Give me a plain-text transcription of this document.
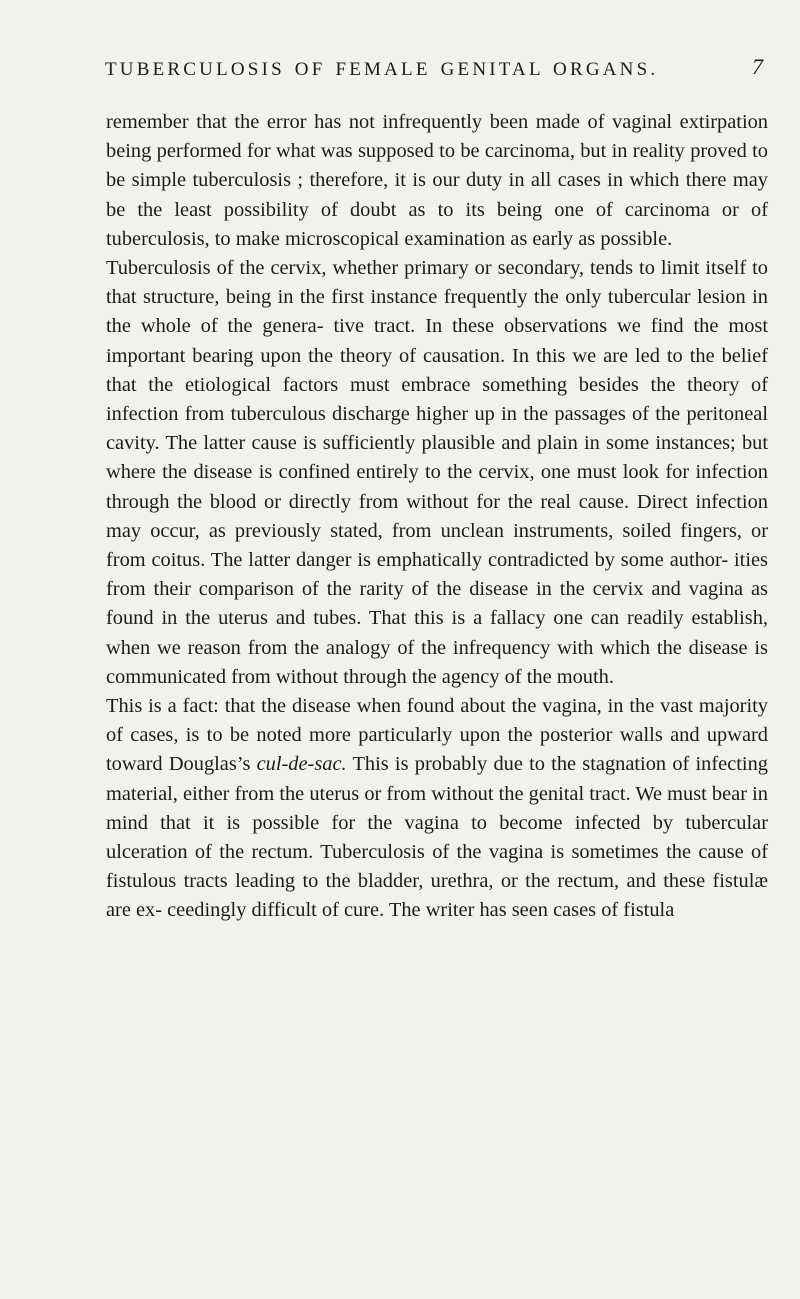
TUBERCULOSIS OF FEMALE GENITAL ORGANS.	7

remember that the error has not infrequently been made of vaginal extirpation being performed for what was supposed to be carcinoma, but in reality proved to be simple tuberculosis ; therefore, it is our duty in all cases in which there may be the least possibility of doubt as to its being one of carcinoma or of tuberculosis, to make microscopical examination as early as possible.

Tuberculosis of the cervix, whether primary or secondary, tends to limit itself to that structure, being in the first instance frequently the only tubercular lesion in the whole of the genera- tive tract. In these observations we find the most important bearing upon the theory of causation. In this we are led to the belief that the etiological factors must embrace something besides the theory of infection from tuberculous discharge higher up in the passages of the peritoneal cavity. The latter cause is sufficiently plausible and plain in some instances; but where the disease is confined entirely to the cervix, one must look for infection through the blood or directly from without for the real cause. Direct infection may occur, as previously stated, from unclean instruments, soiled fingers, or from coitus. The latter danger is emphatically contradicted by some author- ities from their comparison of the rarity of the disease in the cervix and vagina as found in the uterus and tubes. That this is a fallacy one can readily establish, when we reason from the analogy of the infrequency with which the disease is communicated from without through the agency of the mouth.

This is a fact: that the disease when found about the vagina, in the vast majority of cases, is to be noted more particularly upon the posterior walls and upward toward Douglas’s cul-de-sac. This is probably due to the stagnation of infecting material, either from the uterus or from without the genital tract. We must bear in mind that it is possible for the vagina to become infected by tubercular ulceration of the rectum. Tuberculosis of the vagina is sometimes the cause of fistulous tracts leading to the bladder, urethra, or the rectum, and these fistulæ are ex- ceedingly difficult of cure. The writer has seen cases of fistula
